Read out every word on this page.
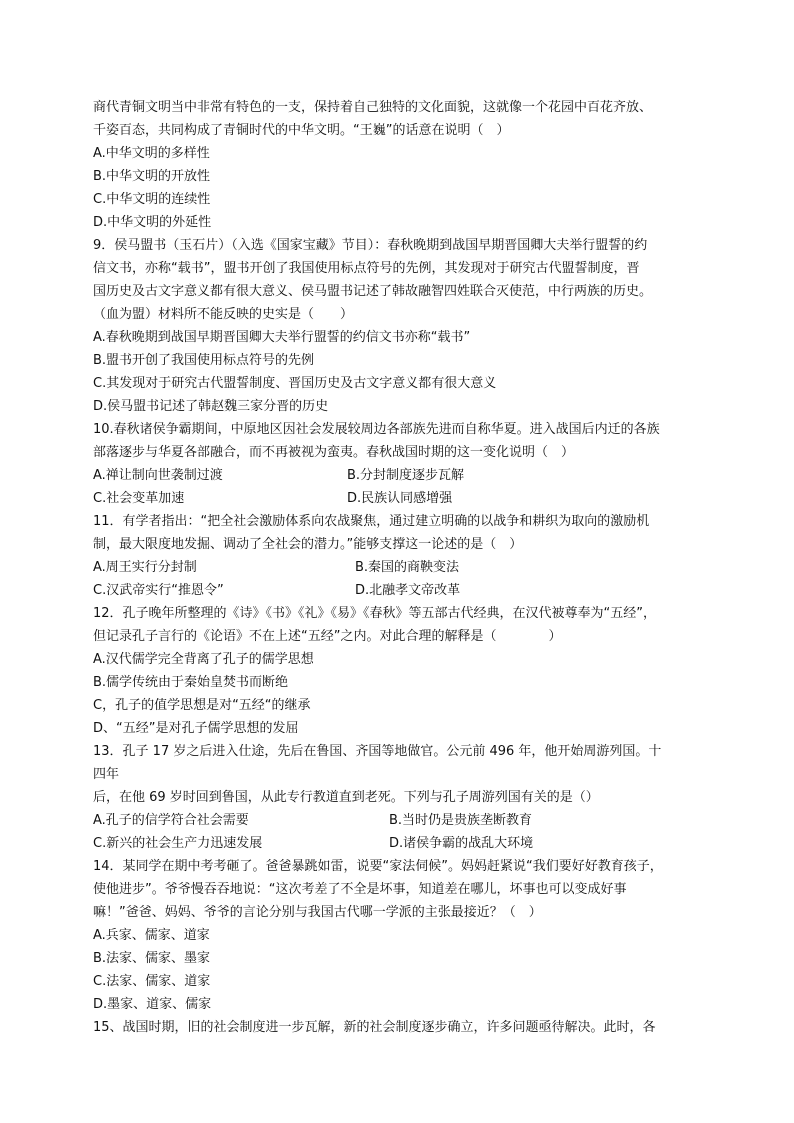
商代青铜文明当中非常有特色的一支，保持着自己独特的文化面貌，这就像一个花园中百花齐放、
千姿百态，共同构成了青铜时代的中华文明。“王巍”的话意在说明（　）
A.中华文明的多样性
B.中华文明的开放性
C.中华文明的连续性
D.中华文明的外延性
9．侯马盟书（玉石片）（入选《国家宝藏》节目）：春秋晚期到战国早期晋国卿大夫举行盟誓的约
信文书，亦称“载书”，盟书开创了我国使用标点符号的先例，其发现对于研究古代盟誓制度，晋
国历史及古文字意义都有很大意义、侯马盟书记述了韩故融智四姓联合灭使范，中行两族的历史。
（血为盟）材料所不能反映的史实是（　　）
A.春秋晚期到战国早期晋国卿大夫举行盟誓的约信文书亦称“载书”
B.盟书开创了我国使用标点符号的先例
C.其发现对于研究古代盟誓制度、晋国历史及古文字意义都有很大意义
D.侯马盟书记述了韩赵魏三家分晋的历史
10.春秋诸侯争霸期间，中原地区因社会发展较周边各部族先进而自称华夏。进入战国后内迁的各族
部落逐步与华夏各部融合，而不再被视为蛮夷。春秋战国时期的这一变化说明（　）
A.禅让制向世袭制过渡	B.分封制度逐步瓦解
C.社会变革加速	D.民族认同感增强
11．有学者指出：“把全社会激励体系向农战聚焦，通过建立明确的以战争和耕织为取向的激励机
制，最大限度地发掘、调动了全社会的潜力。”能够支撑这一论述的是（　）
A.周王实行分封制	B.秦国的商鞅变法
C.汉武帝实行“推恩令”	D.北融孝文帝改革
12．孔子晚年所整理的《诗》《书》《礼》《易》《春秋》等五部古代经典，在汉代被尊奉为“五经”，
但记录孔子言行的《论语》不在上述“五经”之内。对此合理的解释是（　　　　）
A.汉代儒学完全背离了孔子的儒学思想
B.儒学传统由于秦始皇焚书而断绝
C，孔子的值学思想是对“五经“的继承
D、“五经”是对孔子儒学思想的发屈
13．孔子 17 岁之后进入仕途，先后在鲁国、齐国等地做官。公元前 496 年，他开始周游列国。十
四年
后，在他 69 岁时回到鲁国，从此专行教道直到老死。下列与孔子周游列国有关的是（）
A.孔子的信学符合社会需要	B.当时仍是贵族垄断教育
C.新兴的社会生产力迅速发展	D.诸侯争霸的战乱大环境
14．某同学在期中考考砸了。爸爸暴跳如雷，说要“家法伺候”。妈妈赶紧说“我们要好好教育孩子，
使他进步”。爷爷慢吞吞地说：“这次考差了不全是坏事，知道差在哪儿，坏事也可以变成好事
嘛！”爸爸、妈妈、爷爷的言论分别与我国古代哪一学派的主张最接近？（　）
A.兵家、儒家、道家
B.法家、儒家、墨家
C.法家、儒家、道家
D.墨家、道家、儒家
15、战国时期，旧的社会制度进一步瓦解，新的社会制度逐步确立，许多问题亟待解决。此时，各
